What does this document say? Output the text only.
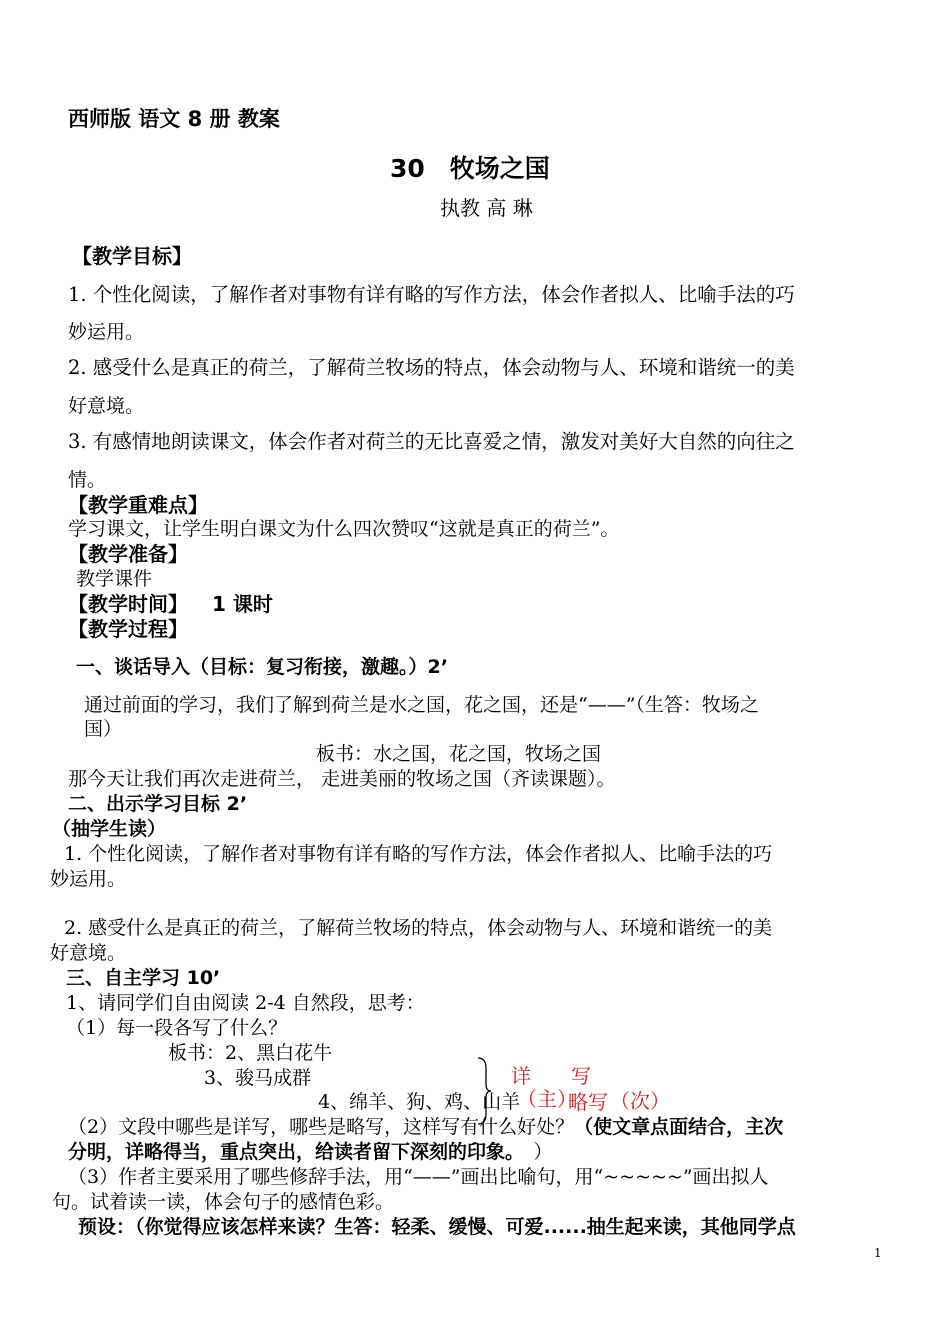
西师版 语文 8 册 教案
30　牧场之国
执教 高 琳
【教学目标】
1. 个性化阅读，了解作者对事物有详有略的写作方法，体会作者拟人、比喻手法的巧
妙运用。
2. 感受什么是真正的荷兰，了解荷兰牧场的特点，体会动物与人、环境和谐统一的美
好意境。
3. 有感情地朗读课文，体会作者对荷兰的无比喜爱之情，激发对美好大自然的向往之
情。
【教学重难点】
学习课文，让学生明白课文为什么四次赞叹“这就是真正的荷兰”。
【教学准备】
教学课件
【教学时间】 1 课时
【教学过程】
一、谈话导入（目标：复习衔接，激趣。）2’
通过前面的学习，我们了解到荷兰是水之国，花之国，还是“——”（生答：牧场之
国）
板书：水之国，花之国，牧场之国
那今天让我们再次走进荷兰， 走进美丽的牧场之国（齐读课题）。
二、出示学习目标 2’
（抽学生读）
1. 个性化阅读，了解作者对事物有详有略的写作方法，体会作者拟人、比喻手法的巧
妙运用。
2. 感受什么是真正的荷兰，了解荷兰牧场的特点，体会动物与人、环境和谐统一的美
好意境。
三、自主学习 10’
1、请同学们自由阅读 2-4 自然段，思考：
（1）每一段各写了什么？
板书：2、黑白花牛
3、骏马成群
4、绵羊、狗、鸡、山羊
详　　写
（主）
略写 （次）
（2）文段中哪些是详写，哪些是略写，这样写有什么好处？（使文章点面结合，主次
分明，详略得当，重点突出，给读者留下深刻的印象。　）
（3）作者主要采用了哪些修辞手法，用“——”画出比喻句，用“~~~~~”画出拟人
句。试着读一读，体会句子的感情色彩。
预设：（你觉得应该怎样来读？生答：轻柔、缓慢、可爱......抽生起来读，其他同学点
1
